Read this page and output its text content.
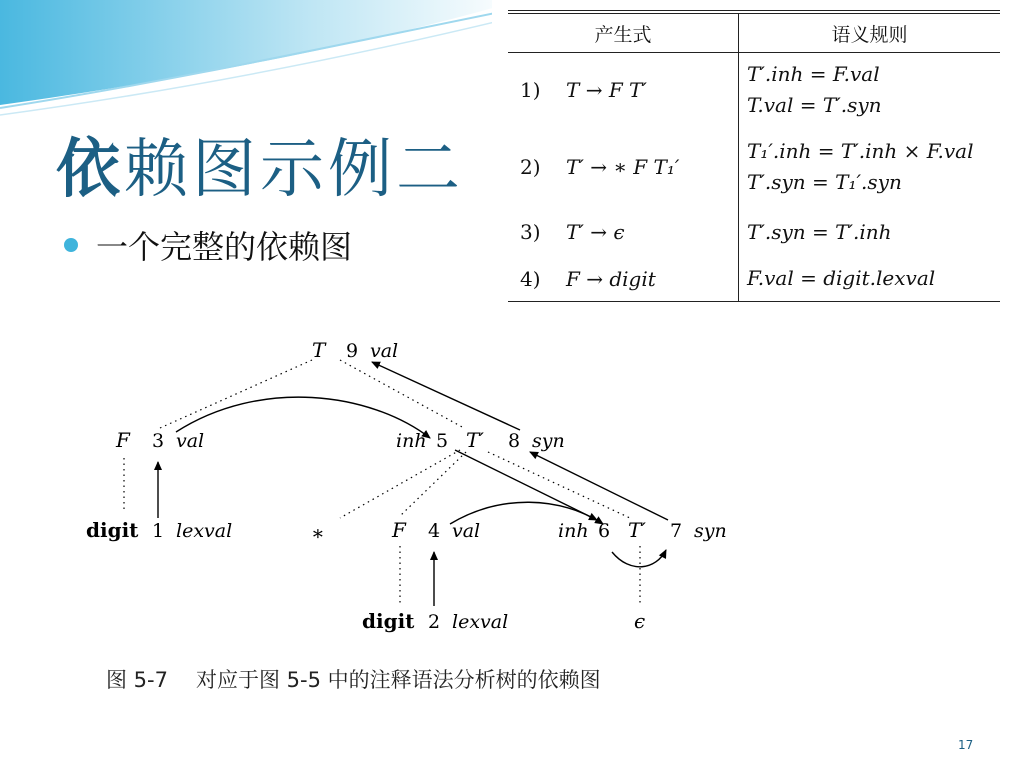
依赖图示例二
一个完整的依赖图
产生式		语义规则
1)	T → F T′	T′.inh = F.val
T.val = T′.syn

2)	T′ → ∗ F T₁′	T₁′.inh = T′.inh × F.val
T′.syn = T₁′.syn

3)	T′ → ϵ	T′.syn = T′.inh

4)	F → digit	F.val = digit.lexval
T 9 val
F 3 val	inh 5 T′ 8 syn
digit 1 lexval	∗	F 4 val	inh 6 T′ 7 syn
digit 2 lexval	ϵ
图 5-7 对应于图 5-5 中的注释语法分析树的依赖图
17
